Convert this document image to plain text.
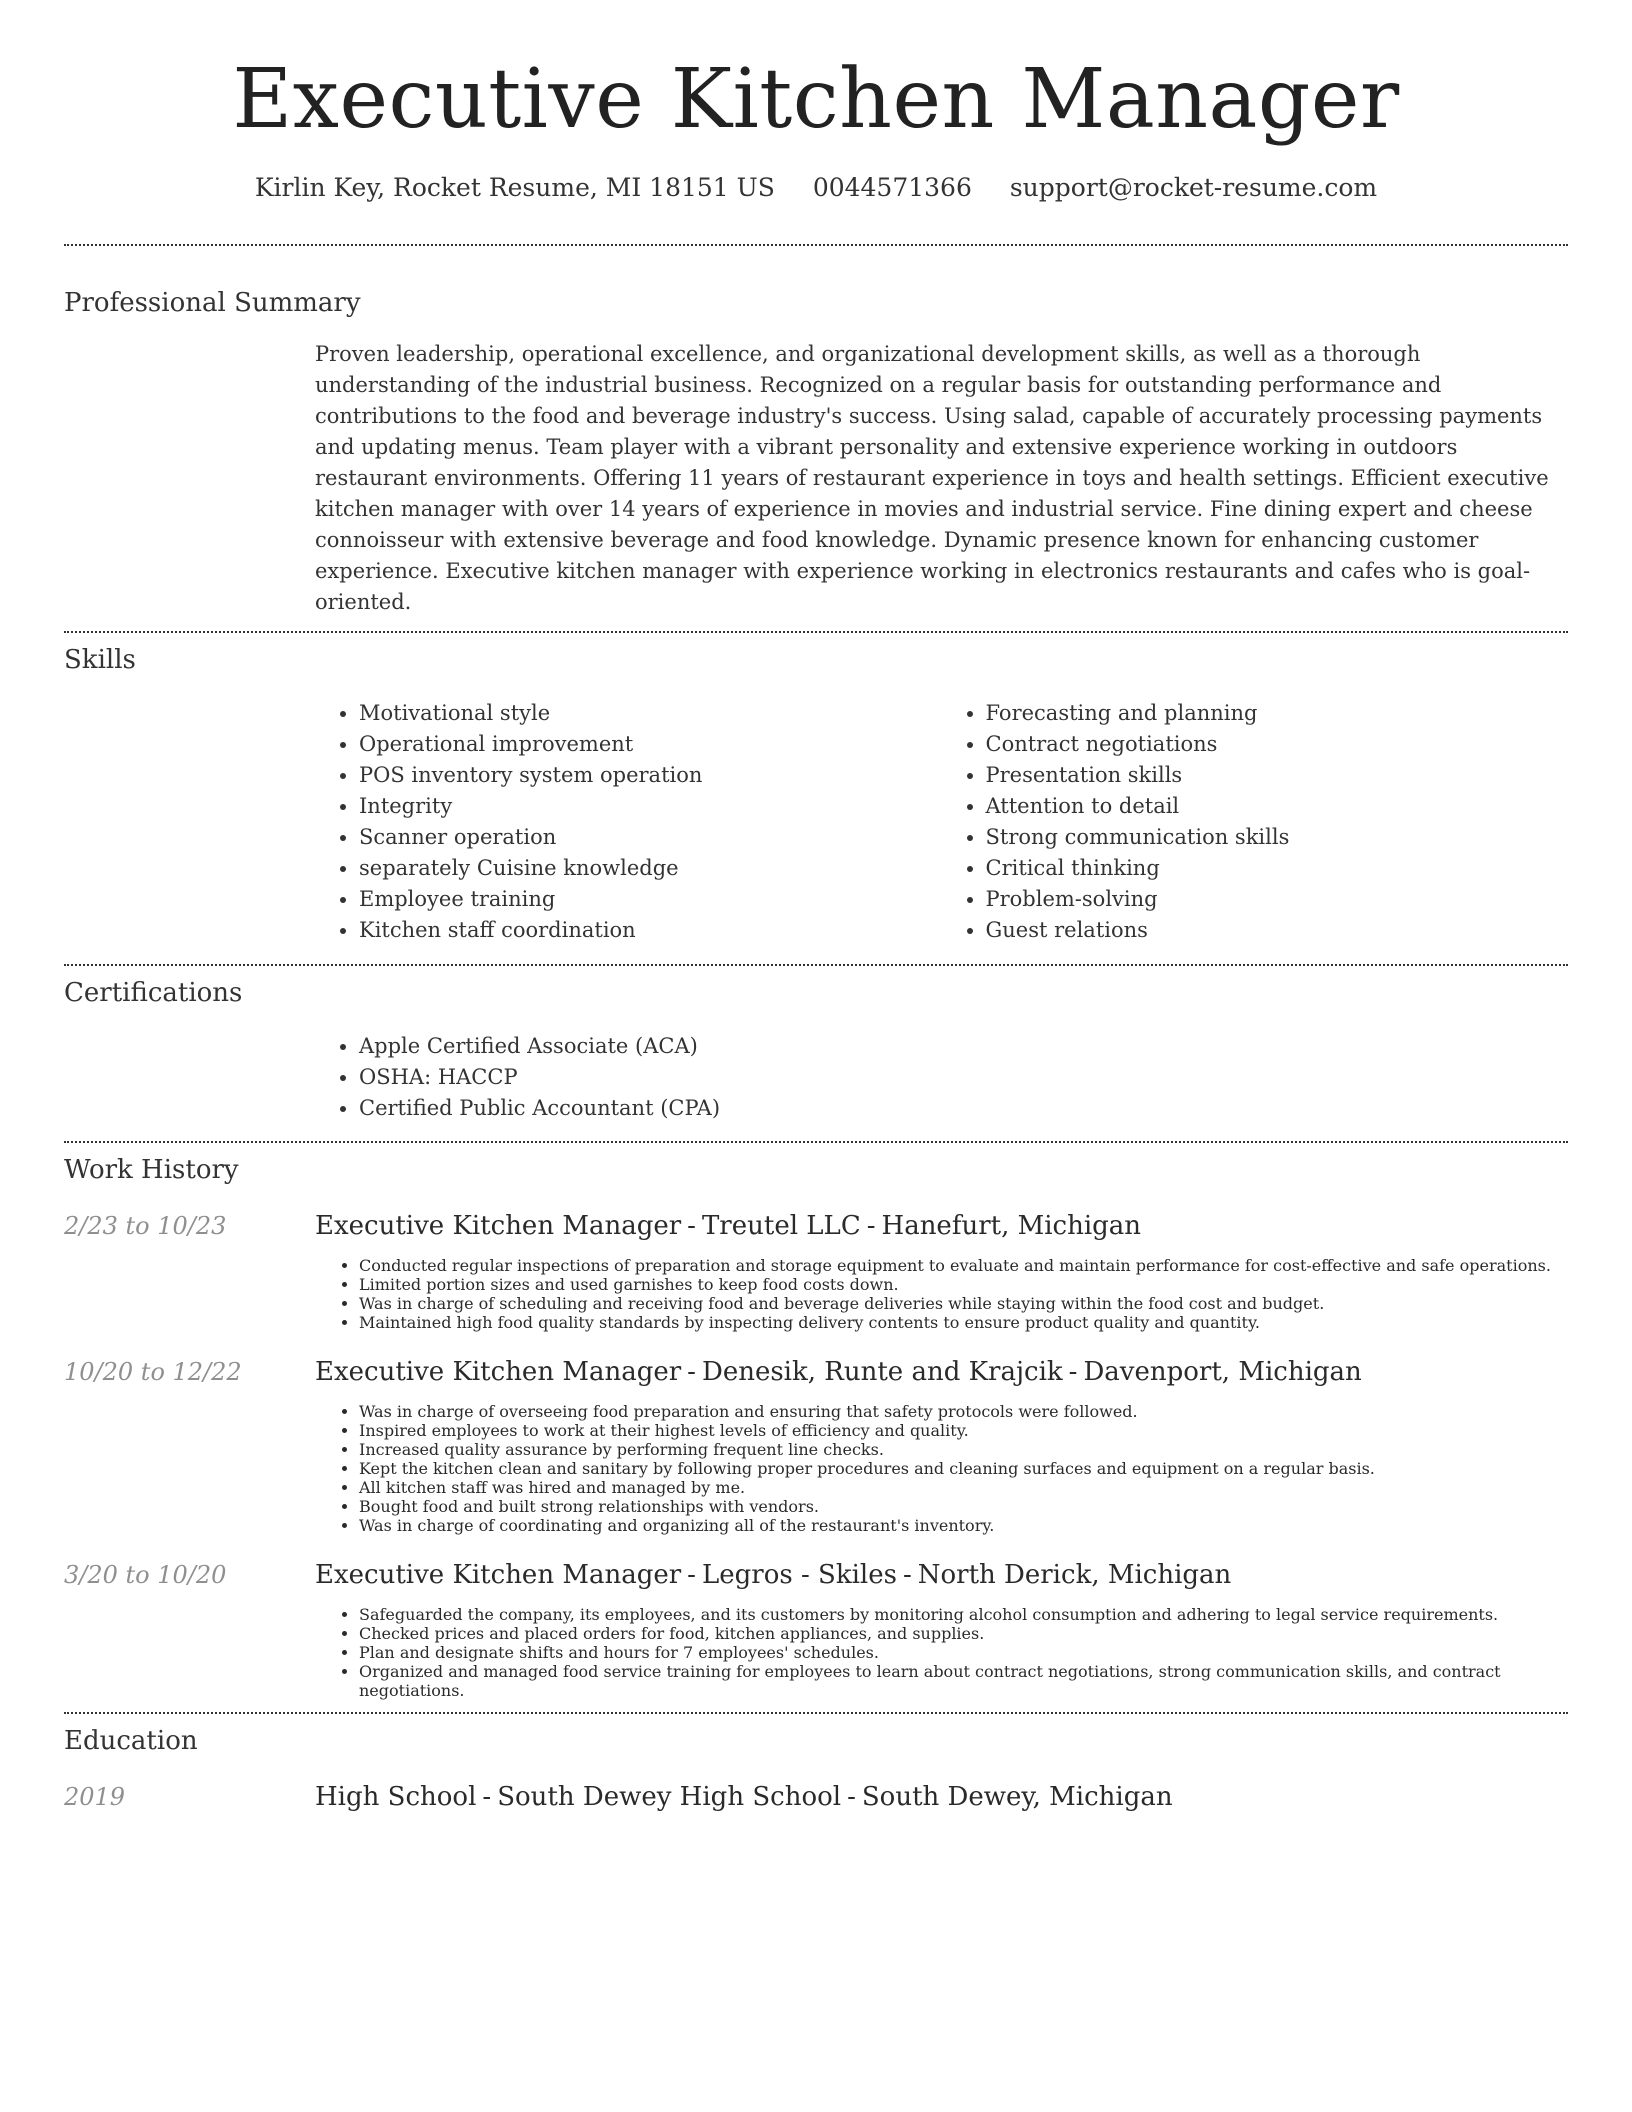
Executive Kitchen Manager
Kirlin Key, Rocket Resume, MI 18151 US 0044571366 support@rocket-resume.com
Professional Summary
Proven leadership, operational excellence, and organizational development skills, as well as a thorough understanding of the industrial business. Recognized on a regular basis for outstanding performance and contributions to the food and beverage industry's success. Using salad, capable of accurately processing payments and updating menus. Team player with a vibrant personality and extensive experience working in outdoors restaurant environments. Offering 11 years of restaurant experience in toys and health settings. Efficient executive kitchen manager with over 14 years of experience in movies and industrial service. Fine dining expert and cheese connoisseur with extensive beverage and food knowledge. Dynamic presence known for enhancing customer experience. Executive kitchen manager with experience working in electronics restaurants and cafes who is goal-oriented.
Skills
• Motivational style
• Operational improvement
• POS inventory system operation
• Integrity
• Scanner operation
• separately Cuisine knowledge
• Employee training
• Kitchen staff coordination
• Forecasting and planning
• Contract negotiations
• Presentation skills
• Attention to detail
• Strong communication skills
• Critical thinking
• Problem-solving
• Guest relations
Certifications
• Apple Certified Associate (ACA)
• OSHA: HACCP
• Certified Public Accountant (CPA)
Work History
2/23 to 10/23	Executive Kitchen Manager - Treutel LLC - Hanefurt, Michigan
• Conducted regular inspections of preparation and storage equipment to evaluate and maintain performance for cost-effective and safe operations.
• Limited portion sizes and used garnishes to keep food costs down.
• Was in charge of scheduling and receiving food and beverage deliveries while staying within the food cost and budget.
• Maintained high food quality standards by inspecting delivery contents to ensure product quality and quantity.
10/20 to 12/22	Executive Kitchen Manager - Denesik, Runte and Krajcik - Davenport, Michigan
• Was in charge of overseeing food preparation and ensuring that safety protocols were followed.
• Inspired employees to work at their highest levels of efficiency and quality.
• Increased quality assurance by performing frequent line checks.
• Kept the kitchen clean and sanitary by following proper procedures and cleaning surfaces and equipment on a regular basis.
• All kitchen staff was hired and managed by me.
• Bought food and built strong relationships with vendors.
• Was in charge of coordinating and organizing all of the restaurant's inventory.
3/20 to 10/20	Executive Kitchen Manager - Legros - Skiles - North Derick, Michigan
• Safeguarded the company, its employees, and its customers by monitoring alcohol consumption and adhering to legal service requirements.
• Checked prices and placed orders for food, kitchen appliances, and supplies.
• Plan and designate shifts and hours for 7 employees' schedules.
• Organized and managed food service training for employees to learn about contract negotiations, strong communication skills, and contract negotiations.
Education
2019	High School - South Dewey High School - South Dewey, Michigan
